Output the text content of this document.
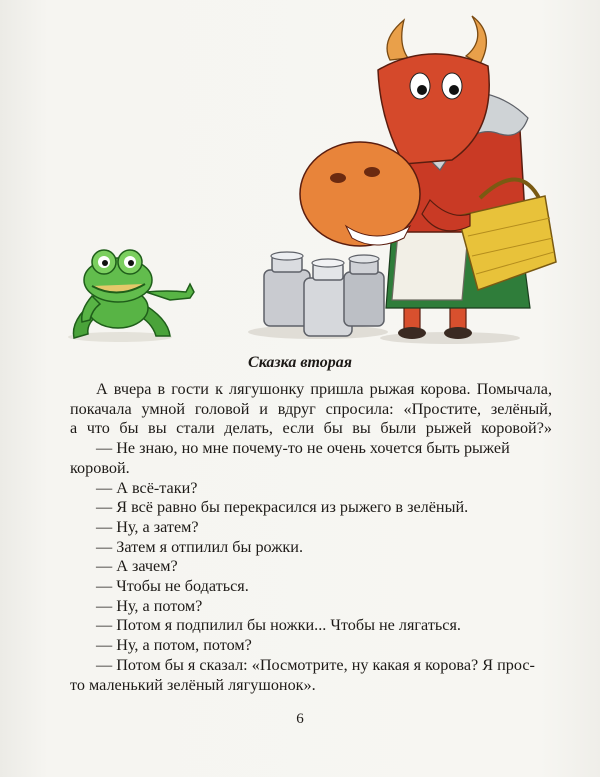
Сказка вторая

А вчера в гости к лягушонку пришла рыжая корова. Помычала,
покачала умной головой и вдруг спросила: «Простите, зелёный,
а что бы вы стали делать, если бы вы были рыжей коровой?»

— Не знаю, но мне почему-то не очень хочется быть рыжей
коровой.

— А всё-таки?

— Я всё равно бы перекрасился из рыжего в зелёный.

— Ну, а затем?

— Затем я отпилил бы рожки.

— А зачем?

— Чтобы не бодаться.

— Ну, а потом?

— Потом я подпилил бы ножки... Чтобы не лягаться.

— Ну, а потом, потом?

— Потом бы я сказал: «Посмотрите, ну какая я корова? Я прос-
то маленький зелёный лягушонок».

6
